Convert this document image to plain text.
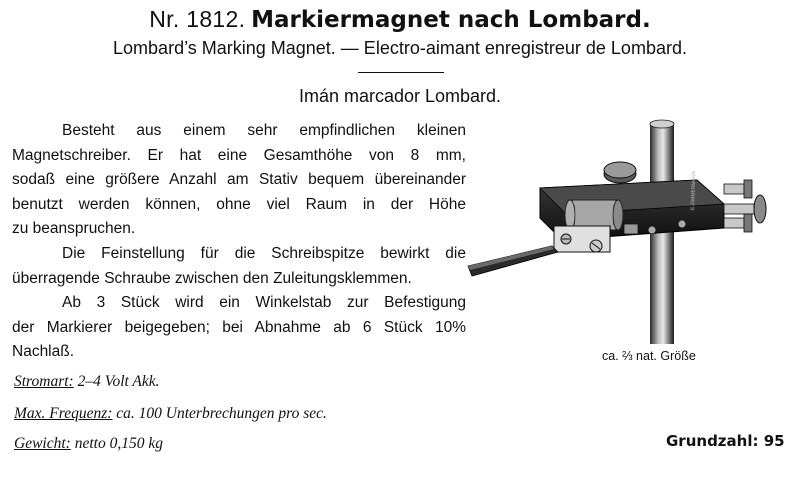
Nr. 1812. Markiermagnet nach Lombard.
Lombard’s Marking Magnet. — Electro-aimant enregistreur de Lombard.
Imán marcador Lombard.
Besteht aus einem sehr empfindlichen kleinen
Magnetschreiber. Er hat eine Gesamthöhe von 8 mm,
sodaß eine größere Anzahl am Stativ bequem übereinander
benutzt werden können, ohne viel Raum in der Höhe
zu beanspruchen.
Die Feinstellung für die Schreibspitze bewirkt die
überragende Schraube zwischen den Zuleitungsklemmen.
Ab 3 Stück wird ein Winkelstab zur Befestigung
der Markierer beigegeben; bei Abnahme ab 6 Stück 10%
Nachlaß.
Stromart: 2–4 Volt Akk.
Max. Frequenz: ca. 100 Unterbrechungen pro sec.
Gewicht: netto 0,150 kg
E.ZIMMERMANN
ca. ⅔ nat. Größe
Grundzahl: 95
